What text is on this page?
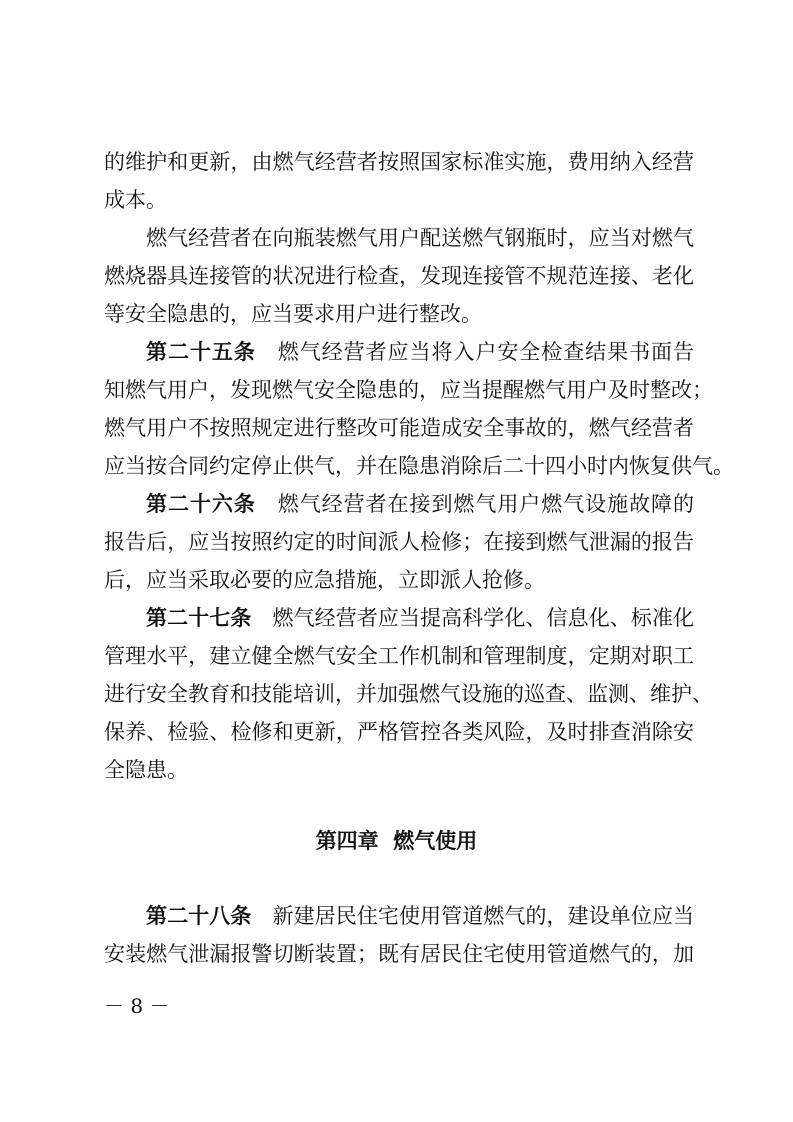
的维护和更新，由燃气经营者按照国家标准实施，费用纳入经营
成本。
燃气经营者在向瓶装燃气用户配送燃气钢瓶时，应当对燃气
燃烧器具连接管的状况进行检查，发现连接管不规范连接、老化
等安全隐患的，应当要求用户进行整改。
第二十五条　 燃气经营者应当将入户安全检查结果书面告
知燃气用户，发现燃气安全隐患的，应当提醒燃气用户及时整改；
燃气用户不按照规定进行整改可能造成安全事故的，燃气经营者
应当按合同约定停止供气，并在隐患消除后二十四小时内恢复供气。
第二十六条　 燃气经营者在接到燃气用户燃气设施故障的
报告后，应当按照约定的时间派人检修；在接到燃气泄漏的报告
后，应当采取必要的应急措施，立即派人抢修。
第二十七条　 燃气经营者应当提高科学化、信息化、标准化
管理水平，建立健全燃气安全工作机制和管理制度，定期对职工
进行安全教育和技能培训，并加强燃气设施的巡查、监测、维护、
保养、检验、检修和更新，严格管控各类风险，及时排查消除安
全隐患。
第四章  燃气使用
第二十八条　 新建居民住宅使用管道燃气的，建设单位应当
安装燃气泄漏报警切断装置；既有居民住宅使用管道燃气的，加
－ 8 －
